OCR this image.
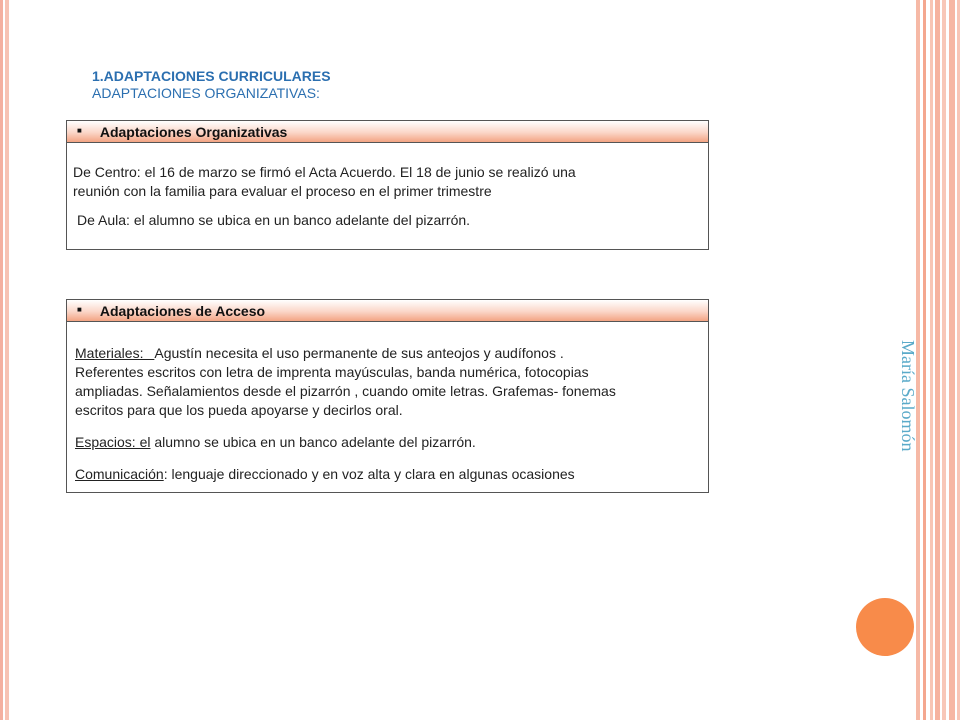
María Salomón
1.ADAPTACIONES CURRICULARES
ADAPTACIONES ORGANIZATIVAS:
■ Adaptaciones Organizativas

De Centro: el 16 de marzo se firmó el Acta Acuerdo. El 18 de junio se realizó una
reunión con la familia para evaluar el proceso en el primer trimestre

De Aula: el alumno se ubica en un banco adelante del pizarrón.

■ Adaptaciones de Acceso

Materiales:   Agustín necesita el uso permanente de sus anteojos y audífonos .
Referentes escritos con letra de imprenta mayúsculas, banda numérica, fotocopias
ampliadas. Señalamientos desde el pizarrón , cuando omite letras. Grafemas- fonemas
escritos para que los pueda apoyarse y decirlos oral.

Espacios: el alumno se ubica en un banco adelante del pizarrón.

Comunicación: lenguaje direccionado y en voz alta y clara en algunas ocasiones
